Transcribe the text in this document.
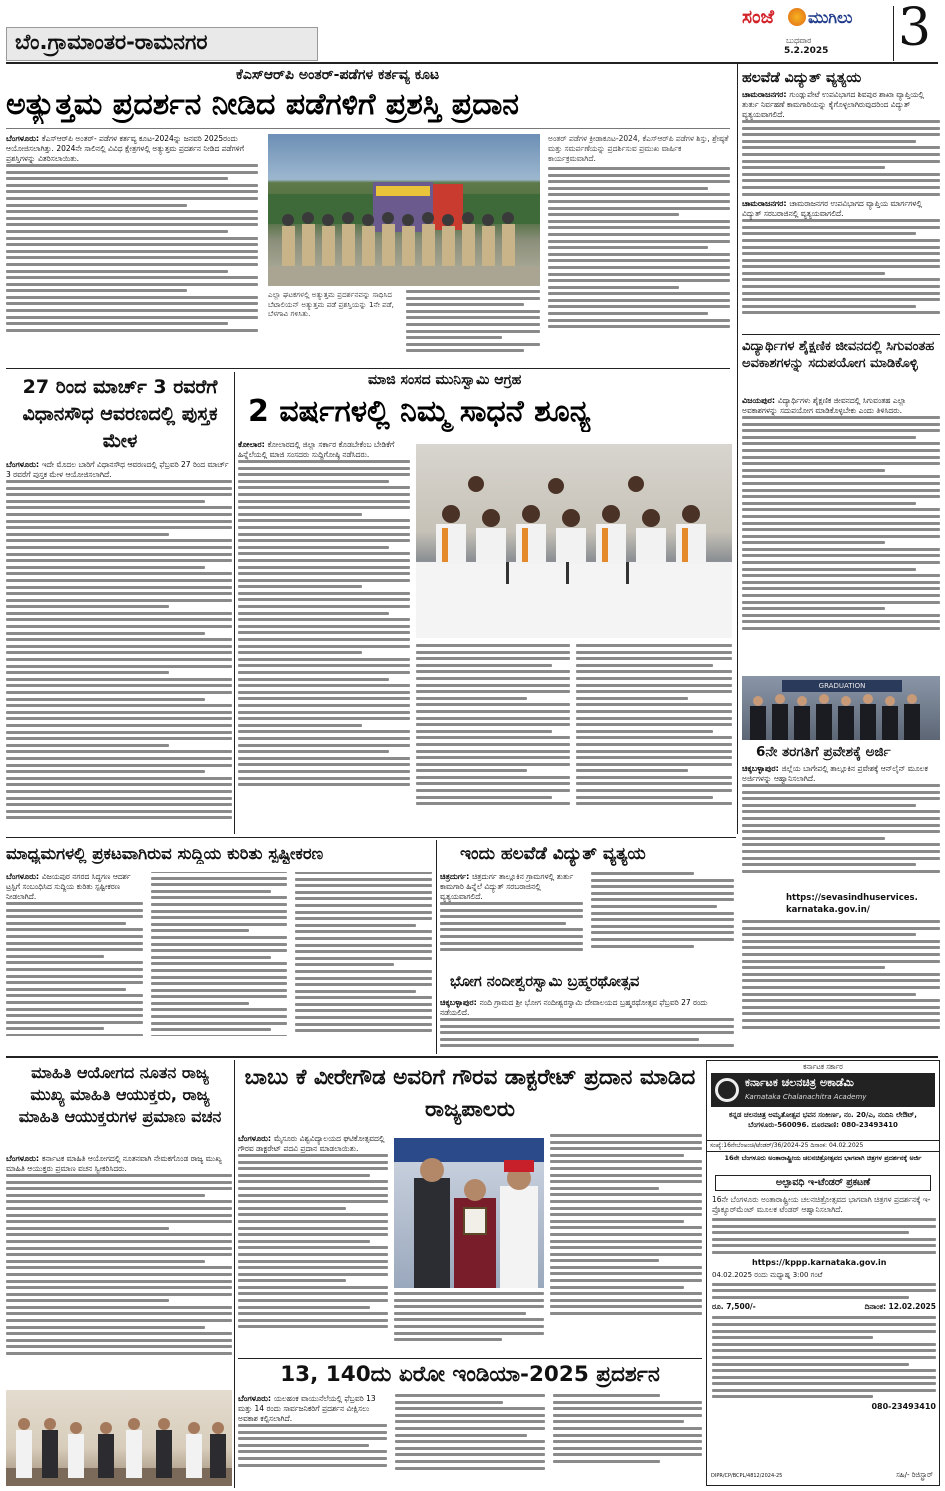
ಬೆಂ.ಗ್ರಾಮಾಂತರ-ರಾಮನಗರ
ಸಂಜೆ ಮುಗಿಲು
ಬುಧವಾರ
5.2.2025 3
ಕೆಎಸ್‌ಆರ್‌ಪಿ ಅಂತರ್-ಪಡೆಗಳ ಕರ್ತವ್ಯ ಕೂಟ
ಅತ್ಯುತ್ತಮ ಪ್ರದರ್ಶನ ನೀಡಿದ ಪಡೆಗಳಿಗೆ ಪ್ರಶಸ್ತಿ ಪ್ರದಾನ
ಬೆಂಗಳೂರು: ಕೆಎಸ್‌ಆರ್‌ಪಿ ಅಂತರ್- ಪಡೆಗಳ ಕರ್ತವ್ಯ ಕೂಟ-2024ನ್ನು ಜನವರಿ 2025ರಂದು ಆಯೋಜಿಸಲಾಗಿತ್ತು. 2024ನೇ ಸಾಲಿನಲ್ಲಿ ವಿವಿಧ ಕ್ಷೇತ್ರಗಳಲ್ಲಿ ಅತ್ಯುತ್ತಮ ಪ್ರದರ್ಶನ ನೀಡಿದ ಪಡೆಗಳಿಗೆ ಪ್ರಶಸ್ತಿಗಳನ್ನು ವಿತರಿಸಲಾಯಿತು.
ಎಲ್ಲಾ ಘಟಕಗಳಲ್ಲಿ ಅತ್ಯುತ್ತಮ ಪ್ರದರ್ಶನವನ್ನು ಸಾಧಿಸಿದ ಬೆಟಾಲಿಯನ್ ಅತ್ಯುತ್ತಮ ಪಡೆ ಪ್ರಶಸ್ತಿಯನ್ನು 1ನೇ ಪಡೆ, ಬೆಳಗಾವಿ ಗಳಿಸಿತು.
ಅಂತರ್ ಪಡೆಗಳ ಕ್ರೀಡಾಕೂಟ-2024, ಕೆಎಸ್‌ಆರ್‌ಪಿ ಪಡೆಗಳ ಶಿಸ್ತು, ಶ್ರೇಷ್ಠತೆ ಮತ್ತು ಸಮರ್ಪಣೆಯನ್ನು ಪ್ರದರ್ಶಿಸುವ ಪ್ರಮುಖ ವಾರ್ಷಿಕ ಕಾರ್ಯಕ್ರಮವಾಗಿದೆ.
ಹಲವೆಡೆ ವಿದ್ಯುತ್ ವ್ಯತ್ಯಯ
ಚಾಮರಾಜನಗರ: ಗುಂಡ್ಲುಪೇಟೆ ಉಪವಿಭಾಗದ ಶಿವಪುರ ಶಾಖಾ ವ್ಯಾಪ್ತಿಯಲ್ಲಿ ತುರ್ತು ನಿರ್ವಹಣೆ ಕಾಮಗಾರಿಯನ್ನು ಕೈಗೊಳ್ಳಲಾಗಿರುವುದರಿಂದ ವಿದ್ಯುತ್ ವ್ಯತ್ಯಯವಾಗಲಿದೆ.
ಚಾಮರಾಜನಗರ: ಚಾಮರಾಜನಗರ ಉಪವಿಭಾಗದ ವ್ಯಾಪ್ತಿಯ ಮಾರ್ಗಗಳಲ್ಲಿ ವಿದ್ಯುತ್ ಸರಬರಾಜಿನಲ್ಲಿ ವ್ಯತ್ಯಯವಾಗಲಿದೆ.
ವಿದ್ಯಾರ್ಥಿಗಳ ಶೈಕ್ಷಣಿಕ ಜೀವನದಲ್ಲಿ ಸಿಗುವಂತಹ ಅವಕಾಶಗಳನ್ನು ಸದುಪಯೋಗ ಮಾಡಿಕೊಳ್ಳಿ
ವಿಜಯಪುರ: ವಿದ್ಯಾರ್ಥಿಗಳು ಶೈಕ್ಷಣಿಕ ಜೀವನದಲ್ಲಿ ಸಿಗುವಂತಹ ಎಲ್ಲಾ ಅವಕಾಶಗಳನ್ನು ಸದುಪಯೋಗ ಮಾಡಿಕೊಳ್ಳಬೇಕು ಎಂದು ತಿಳಿಸಿದರು.
GRADUATION
6ನೇ ತರಗತಿಗೆ ಪ್ರವೇಶಕ್ಕೆ ಅರ್ಜಿ
ಚಿಕ್ಕಬಳ್ಳಾಪುರ: ಜಿಲ್ಲೆಯ ಬಾಗೇಪಲ್ಲಿ ತಾಲ್ಲೂಕಿನ ಪ್ರವೇಶಕ್ಕೆ ಆನ್‌ಲೈನ್ ಮೂಲಕ ಅರ್ಜಿಗಳನ್ನು ಆಹ್ವಾನಿಸಲಾಗಿದೆ.
https://sevasindhuservices. karnataka.gov.in/
27 ರಿಂದ ಮಾರ್ಚ್ 3 ರವರೆಗೆ ವಿಧಾನಸೌಧ ಆವರಣದಲ್ಲಿ ಪುಸ್ತಕ ಮೇಳ
ಬೆಂಗಳೂರು: ಇದೇ ಮೊದಲ ಬಾರಿಗೆ ವಿಧಾನಸೌಧ ಆವರಣದಲ್ಲಿ ಫೆಬ್ರವರಿ 27 ರಿಂದ ಮಾರ್ಚ್ 3 ರವರೆಗೆ ಪುಸ್ತಕ ಮೇಳ ಆಯೋಜಿಸಲಾಗಿದೆ.
ಮಾಜಿ ಸಂಸದ ಮುನಿಸ್ವಾಮಿ ಆಗ್ರಹ
2 ವರ್ಷಗಳಲ್ಲಿ ನಿಮ್ಮ ಸಾಧನೆ ಶೂನ್ಯ
ಕೋಲಾರ: ಕೋಲಾರದಲ್ಲಿ ಜಿಲ್ಲಾ ಸರ್ಕಾರ ಕೊಡಬೇಕೆಂಬ ಬೇಡಿಕೆಗೆ ಹಿನ್ನೆಲೆಯಲ್ಲಿ ಮಾಜಿ ಸಂಸದರು ಸುದ್ದಿಗೋಷ್ಠಿ ನಡೆಸಿದರು.
ಮಾಧ್ಯಮಗಳಲ್ಲಿ ಪ್ರಕಟವಾಗಿರುವ ಸುದ್ದಿಯ ಕುರಿತು ಸ್ಪಷ್ಟೀಕರಣ
ಬೆಂಗಳೂರು: ವಿಜಯಪುರ ನಗರದ ಸಿದ್ಧಗಣ ಆದರ್ಶ ಟ್ರಸ್ಟಿಗೆ ಸಂಬಂಧಿಸಿದ ಸುದ್ದಿಯ ಕುರಿತು ಸ್ಪಷ್ಟೀಕರಣ ನೀಡಲಾಗಿದೆ.
ಇಂದು ಹಲವೆಡೆ ವಿದ್ಯುತ್ ವ್ಯತ್ಯಯ
ಚಿತ್ರದುರ್ಗ: ಚಿತ್ರದುರ್ಗ ತಾಲ್ಲೂಕಿನ ಗ್ರಾಮಗಳಲ್ಲಿ ತುರ್ತು ಕಾಮಗಾರಿ ಹಿನ್ನೆಲೆ ವಿದ್ಯುತ್ ಸರಬರಾಜಿನಲ್ಲಿ ವ್ಯತ್ಯಯವಾಗಲಿದೆ.
ಭೋಗ ನಂದೀಶ್ವರಸ್ವಾಮಿ ಬ್ರಹ್ಮರಥೋತ್ಸವ
ಚಿಕ್ಕಬಳ್ಳಾಪುರ: ನಂದಿ ಗ್ರಾಮದ ಶ್ರೀ ಭೋಗ ನಂದೀಶ್ವರಸ್ವಾಮಿ ದೇವಾಲಯದ ಬ್ರಹ್ಮರಥೋತ್ಸವ ಫೆಬ್ರವರಿ 27 ರಂದು ನಡೆಯಲಿದೆ.
ಮಾಹಿತಿ ಆಯೋಗದ ನೂತನ ರಾಜ್ಯ ಮುಖ್ಯ ಮಾಹಿತಿ ಆಯುಕ್ತರು, ರಾಜ್ಯ ಮಾಹಿತಿ ಆಯುಕ್ತರುಗಳ ಪ್ರಮಾಣ ವಚನ
ಬೆಂಗಳೂರು: ಕರ್ನಾಟಕ ಮಾಹಿತಿ ಆಯೋಗದಲ್ಲಿ ನೂತನವಾಗಿ ನೇಮಕಗೊಂಡ ರಾಜ್ಯ ಮುಖ್ಯ ಮಾಹಿತಿ ಆಯುಕ್ತರು ಪ್ರಮಾಣ ವಚನ ಸ್ವೀಕರಿಸಿದರು.
ಬಾಬು ಕೆ ವೀರೇಗೌಡ ಅವರಿಗೆ ಗೌರವ ಡಾಕ್ಟರೇಟ್ ಪ್ರದಾನ ಮಾಡಿದ ರಾಜ್ಯಪಾಲರು
ಬೆಂಗಳೂರು: ಮೈಸೂರು ವಿಶ್ವವಿದ್ಯಾಲಯದ ಘಟಿಕೋತ್ಸವದಲ್ಲಿ ಗೌರವ ಡಾಕ್ಟರೇಟ್ ಪದವಿ ಪ್ರದಾನ ಮಾಡಲಾಯಿತು.
13, 140ದು ಏರೋ ಇಂಡಿಯಾ-2025 ಪ್ರದರ್ಶನ
ಬೆಂಗಳೂರು: ಯಲಹಂಕ ವಾಯುನೆಲೆಯಲ್ಲಿ ಫೆಬ್ರವರಿ 13 ಮತ್ತು 14 ರಂದು ಸಾರ್ವಜನಿಕರಿಗೆ ಪ್ರದರ್ಶನ ವೀಕ್ಷಿಸಲು ಅವಕಾಶ ಕಲ್ಪಿಸಲಾಗಿದೆ.
ಕರ್ನಾಟಕ ಸರ್ಕಾರ
ಕರ್ನಾಟಕ ಚಲನಚಿತ್ರ ಅಕಾಡೆಮಿ
Karnataka Chalanachitra Academy
ಕನ್ನಡ ಚಲನಚಿತ್ರ ಅಮೃತೋತ್ಸವ ಭವನ ಸಂಕೀರ್ಣ, ನಂ. 20/ಎ, ನಂದಿನಿ ಲೇಔಟ್, ಬೆಂಗಳೂರು-560096. ದೂರವಾಣಿ: 080-23493410
ಸಂಖ್ಯೆ:16ನೇಬೆಂಅಂಚಿ/ಟೆಂಡರ್/36/2024-25 ದಿನಾಂಕ: 04.02.2025
16ನೇ ಬೆಂಗಳೂರು ಅಂತಾರಾಷ್ಟ್ರೀಯ ಚಲನಚಿತ್ರೋತ್ಸವದ ಭಾಗವಾಗಿ ಚಿತ್ರಗಳ ಪ್ರದರ್ಶನಕ್ಕೆ ಅರ್ಜಿ
ಅಲ್ಪಾವಧಿ ಇ-ಟೆಂಡರ್ ಪ್ರಕಟಣೆ
16ನೇ ಬೆಂಗಳೂರು ಅಂತಾರಾಷ್ಟ್ರೀಯ ಚಲನಚಿತ್ರೋತ್ಸವದ ಭಾಗವಾಗಿ ಚಿತ್ರಗಳ ಪ್ರದರ್ಶನಕ್ಕೆ ಇ-ಪ್ರೊಕ್ಯೂರ್‌ಮೆಂಟ್ ಮೂಲಕ ಟೆಂಡರ್ ಆಹ್ವಾನಿಸಲಾಗಿದೆ.
https://kppp.karnataka.gov.in
04.02.2025 ರಂದು ಮಧ್ಯಾಹ್ನ 3:00 ಗಂಟೆ
ರೂ. 7,500/-	ದಿನಾಂಕ: 12.02.2025
080-23493410
ಸಹಿ/- ರಿಜಿಸ್ಟ್ರಾರ್
DIPR/CP/BCPL/4812/2024-25
